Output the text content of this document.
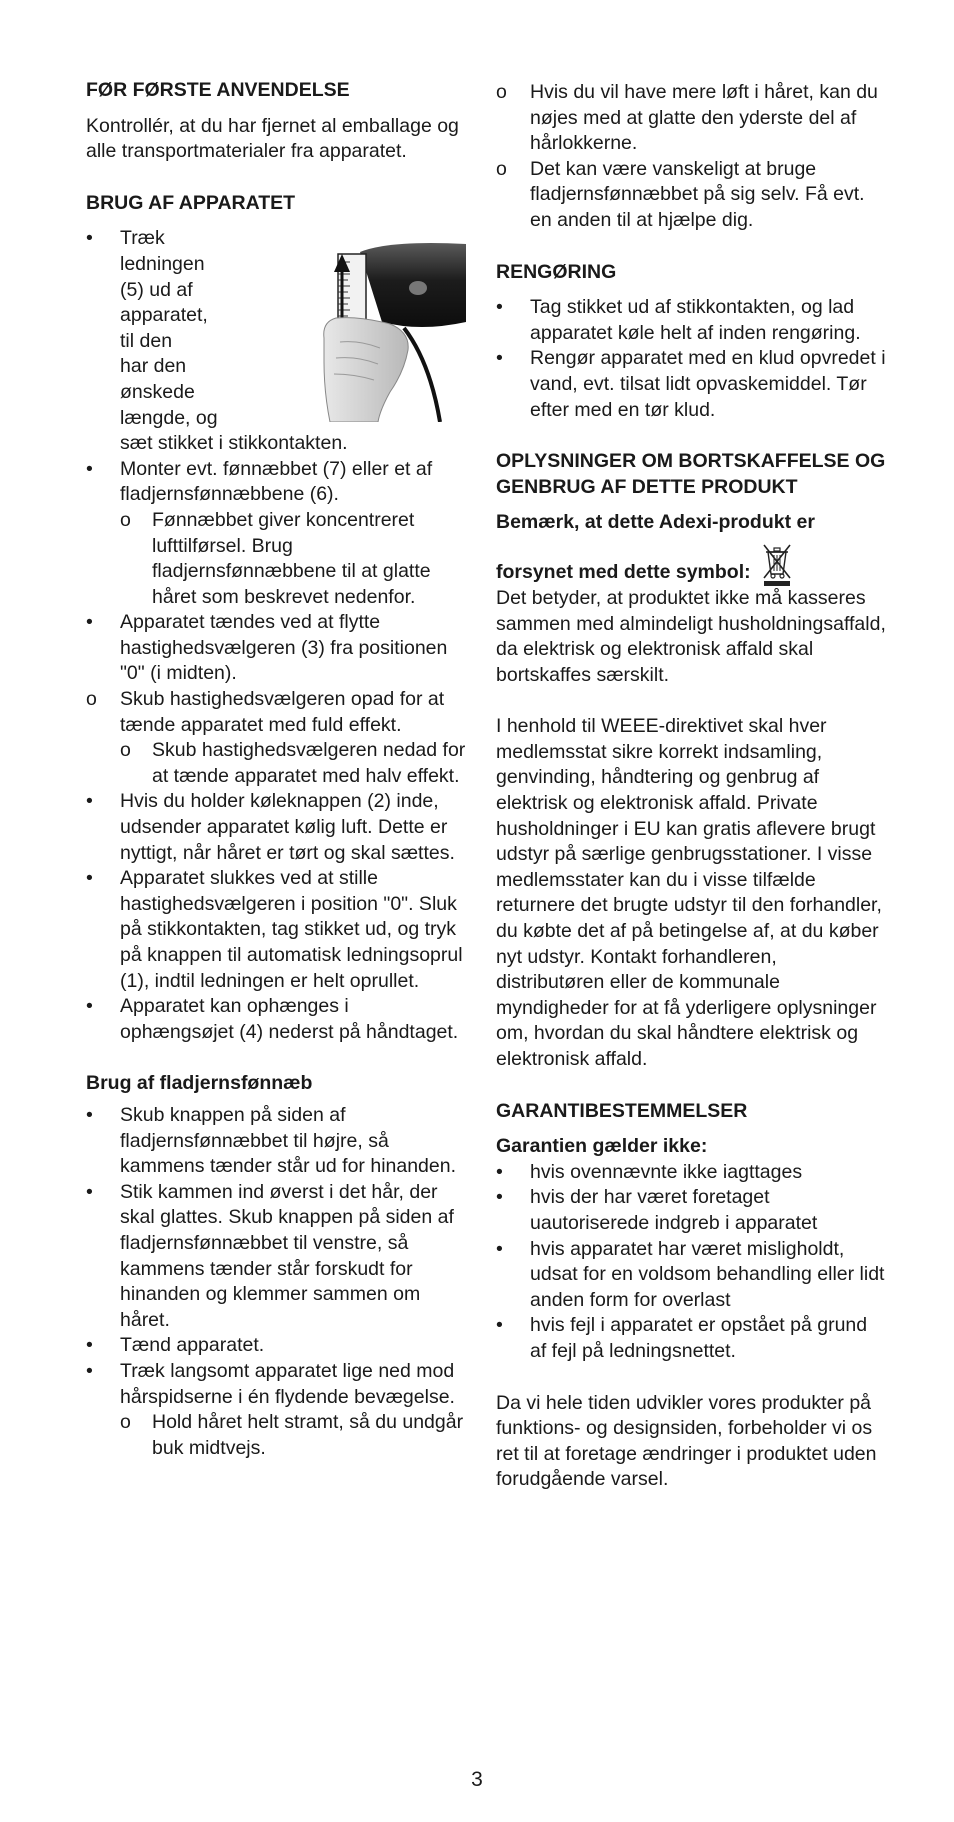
FØR FØRSTE ANVENDELSE

Kontrollér, at du har fjernet al emballage og alle transportmaterialer fra apparatet.

BRUG AF APPARATET
•	Træk
ledningen
(5) ud af
apparatet,
til den
har den
ønskede
længde, og
sæt stikket i stikkontakten.
•	Monter evt. fønnæbbet (7) eller et af fladjernsfønnæbbene (6).
o	Fønnæbbet giver koncentreret lufttilførsel. Brug fladjernsfønnæbbene til at glatte håret som beskrevet nedenfor.
•	Apparatet tændes ved at flytte hastighedsvælgeren (3) fra positionen "0" (i midten).
o	Skub hastighedsvælgeren opad for at tænde apparatet med fuld effekt.
o	Skub hastighedsvælgeren nedad for at tænde apparatet med halv effekt.
•	Hvis du holder køleknappen (2) inde, udsender apparatet kølig luft. Dette er nyttigt, når håret er tørt og skal sættes.
•	Apparatet slukkes ved at stille hastighedsvælgeren i position "0". Sluk på stikkontakten, tag stikket ud, og tryk på knappen til automatisk ledningsoprul (1), indtil ledningen er helt oprullet.
•	Apparatet kan ophænges i ophængsøjet (4) nederst på håndtaget.
Brug af fladjernsfønnæb
•	Skub knappen på siden af fladjernsfønnæbbet til højre, så kammens tænder står ud for hinanden.
•	Stik kammen ind øverst i det hår, der skal glattes. Skub knappen på siden af fladjernsfønnæbbet til venstre, så kammens tænder står forskudt for hinanden og klemmer sammen om håret.
•	Tænd apparatet.
•	Træk langsomt apparatet lige ned mod hårspidserne i én flydende bevægelse.
o	Hold håret helt stramt, så du undgår buk midtvejs.
o	Hvis du vil have mere løft i håret, kan du nøjes med at glatte den yderste del af hårlokkerne.
o	Det kan være vanskeligt at bruge fladjernsfønnæbbet på sig selv. Få evt. en anden til at hjælpe dig.
RENGØRING
•	Tag stikket ud af stikkontakten, og lad apparatet køle helt af inden rengøring.
•	Rengør apparatet med en klud opvredet i vand, evt. tilsat lidt opvaskemiddel. Tør efter med en tør klud.
OPLYSNINGER OM BORTSKAFFELSE OG GENBRUG AF DETTE PRODUKT
Bemærk, at dette Adexi-produkt er
forsynet med dette symbol:

Det betyder, at produktet ikke må kasseres sammen med almindeligt husholdningsaffald, da elektrisk og elektronisk affald skal bortskaffes særskilt.

I henhold til WEEE-direktivet skal hver medlemsstat sikre korrekt indsamling, genvinding, håndtering og genbrug af elektrisk og elektronisk affald. Private husholdninger i EU kan gratis aflevere brugt udstyr på særlige genbrugsstationer. I visse medlemsstater kan du i visse tilfælde returnere det brugte udstyr til den forhandler, du købte det af på betingelse af, at du køber nyt udstyr. Kontakt forhandleren, distributøren eller de kommunale myndigheder for at få yderligere oplysninger om, hvordan du skal håndtere elektrisk og elektronisk affald.

GARANTIBESTEMMELSER
Garantien gælder ikke:
•	hvis ovennævnte ikke iagttages
•	hvis der har været foretaget uautoriserede indgreb i apparatet
•	hvis apparatet har været misligholdt, udsat for en voldsom behandling eller lidt anden form for overlast
•	hvis fejl i apparatet er opstået på grund af fejl på ledningsnettet.

Da vi hele tiden udvikler vores produkter på funktions- og designsiden, forbeholder vi os ret til at foretage ændringer i produktet uden forudgående varsel.

3
